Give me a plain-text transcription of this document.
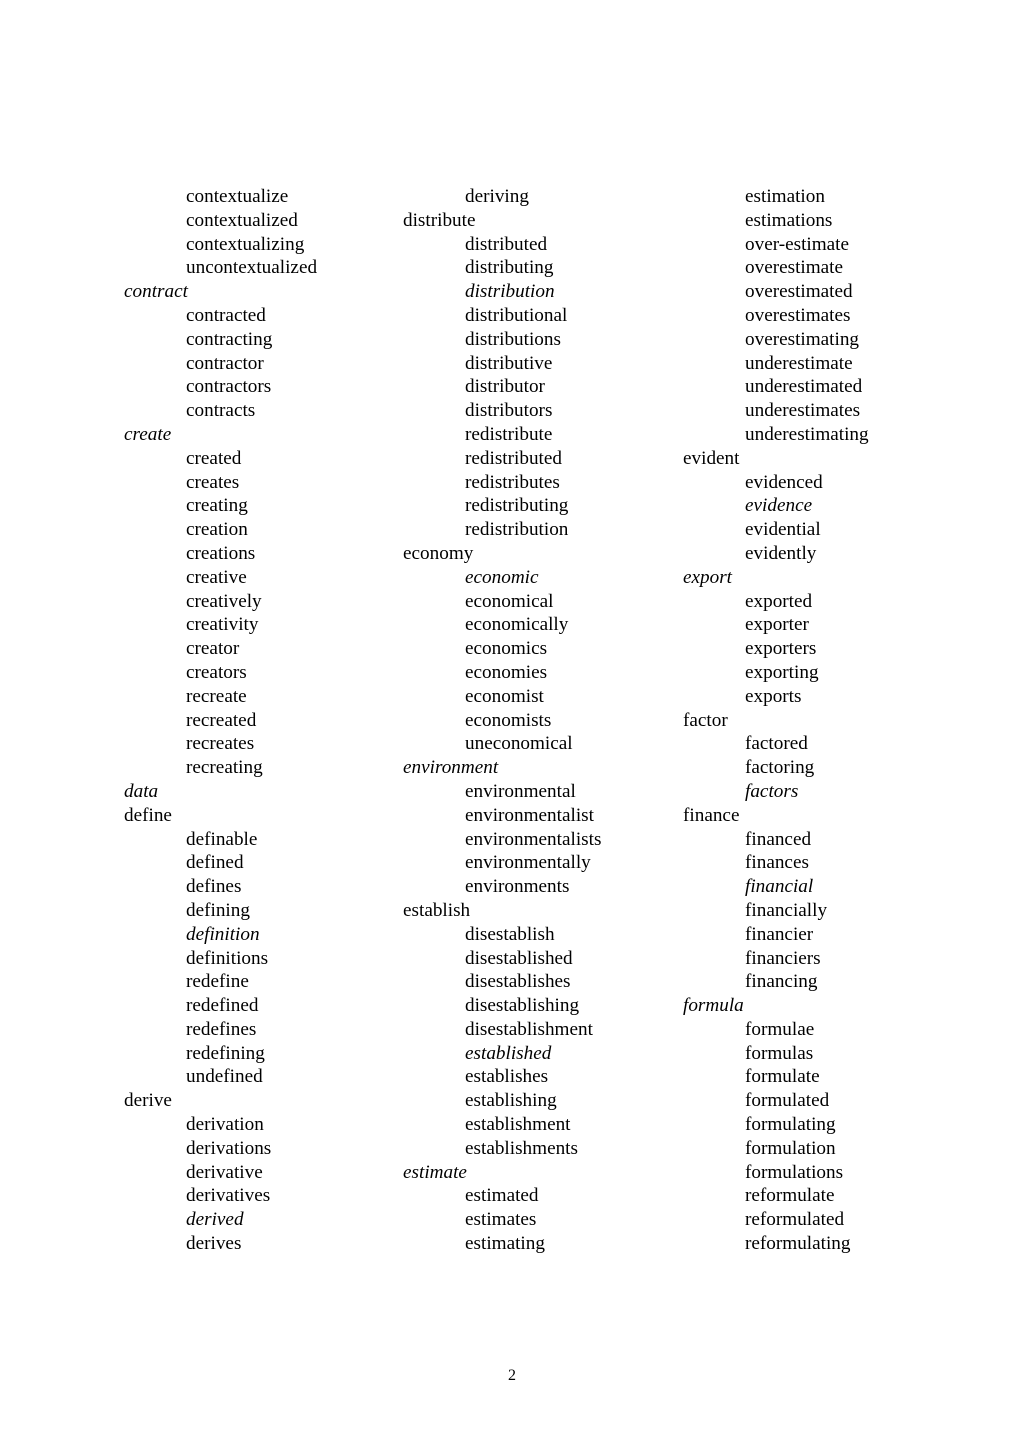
contextualize
contextualized
contextualizing
uncontextualized
contract
contracted
contracting
contractor
contractors
contracts
create
created
creates
creating
creation
creations
creative
creatively
creativity
creator
creators
recreate
recreated
recreates
recreating
data
define
definable
defined
defines
defining
definition
definitions
redefine
redefined
redefines
redefining
undefined
derive
derivation
derivations
derivative
derivatives
derived
derives
deriving
distribute
distributed
distributing
distribution
distributional
distributions
distributive
distributor
distributors
redistribute
redistributed
redistributes
redistributing
redistribution
economy
economic
economical
economically
economics
economies
economist
economists
uneconomical
environment
environmental
environmentalist
environmentalists
environmentally
environments
establish
disestablish
disestablished
disestablishes
disestablishing
disestablishment
established
establishes
establishing
establishment
establishments
estimate
estimated
estimates
estimating
estimation
estimations
over-estimate
overestimate
overestimated
overestimates
overestimating
underestimate
underestimated
underestimates
underestimating
evident
evidenced
evidence
evidential
evidently
export
exported
exporter
exporters
exporting
exports
factor
factored
factoring
factors
finance
financed
finances
financial
financially
financier
financiers
financing
formula
formulae
formulas
formulate
formulated
formulating
formulation
formulations
reformulate
reformulated
reformulating
2
